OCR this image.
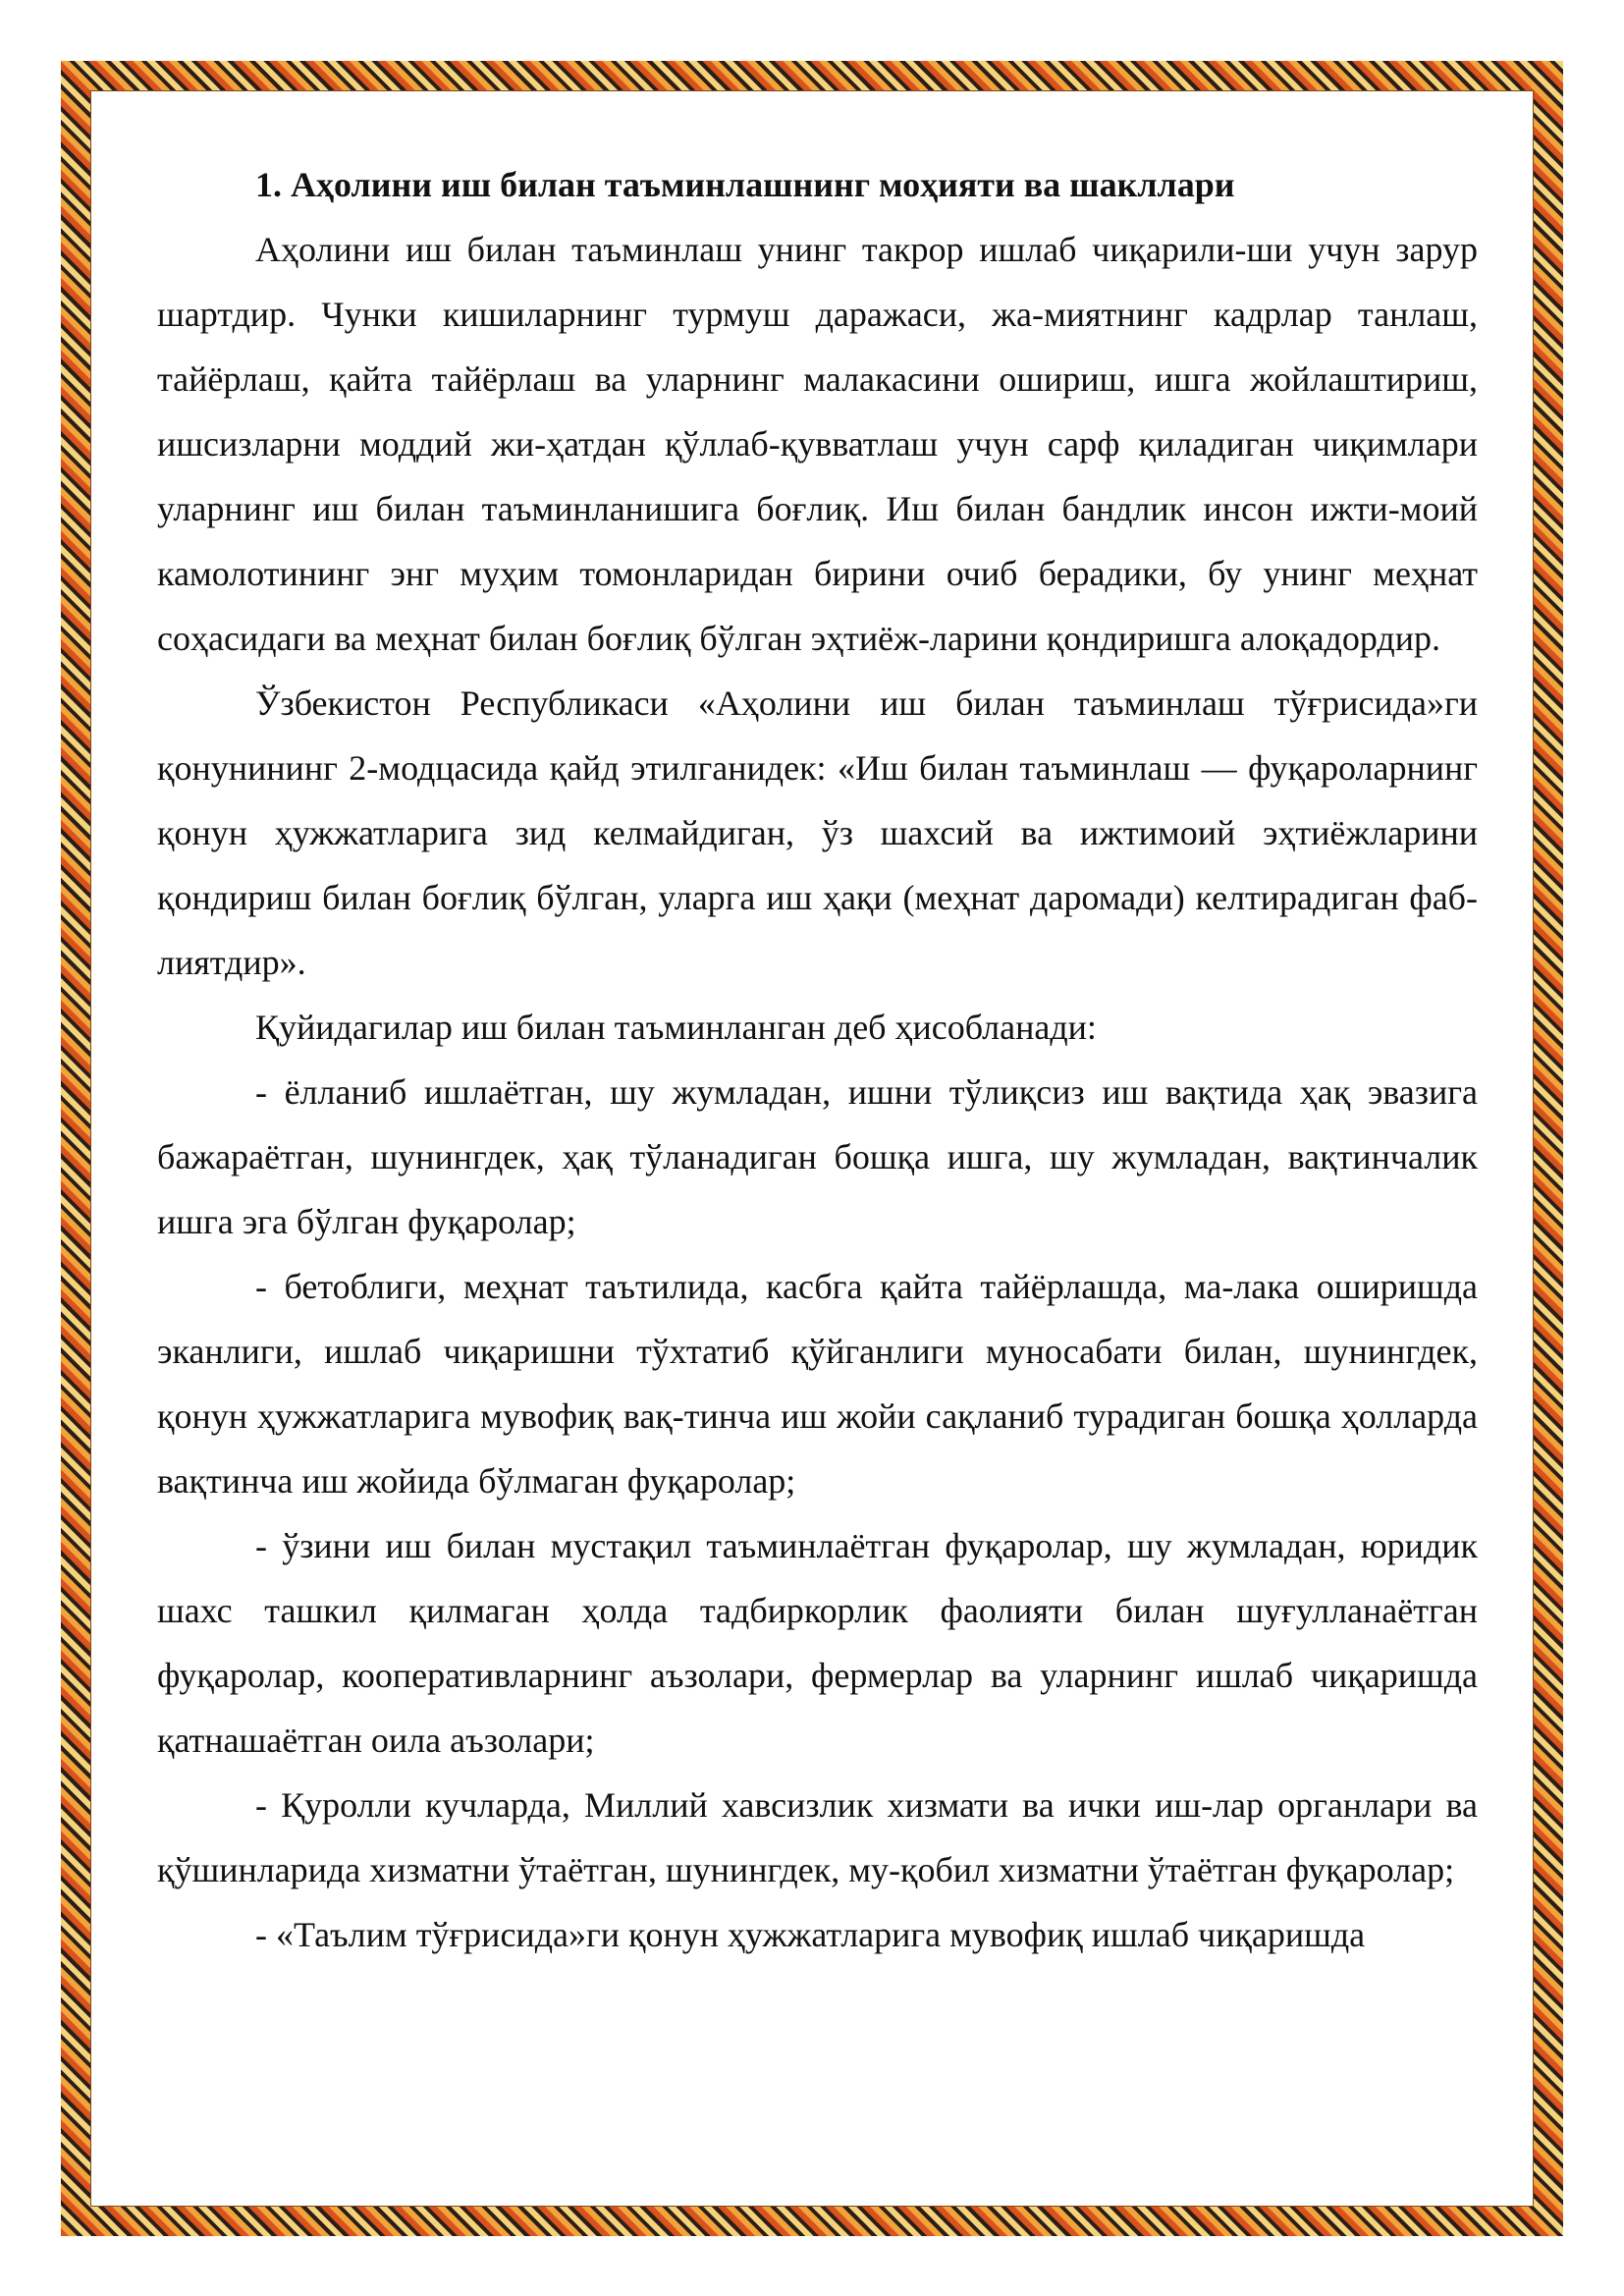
1. Аҳолини иш билан таъминлашнинг моҳияти ва шакллари

Аҳолини иш билан таъминлаш унинг такрор ишлаб чиқарили-ши учун зарур шартдир. Чунки кишиларнинг турмуш даражаси, жа-миятнинг кадрлар танлаш, тайёрлаш, қайта тайёрлаш ва уларнинг малакасини ошириш, ишга жойлаштириш, ишсизларни моддий жи-ҳатдан қўллаб-қувватлаш учун сарф қиладиган чиқимлари уларнинг иш билан таъминланишига боғлиқ. Иш билан бандлик инсон ижти-моий камолотининг энг муҳим томонларидан бирини очиб берадики, бу унинг меҳнат соҳасидаги ва меҳнат билан боғлиқ бўлган эҳтиёж-ларини қондиришга алоқадордир.

Ўзбекистон Республикаси «Аҳолини иш билан таъминлаш тўғрисида»ги қонунининг 2-модцасида қайд этилганидек: «Иш билан таъминлаш — фуқароларнинг қонун ҳужжатларига зид келмайдиган, ўз шахсий ва ижтимоий эҳтиёжларини қондириш билан боғлиқ бўлган, уларга иш ҳақи (меҳнат даромади) келтирадиган фаб-лиятдир».

Қуйидагилар иш билан таъминланган деб ҳисобланади:

- ёлланиб ишлаётган, шу жумладан, ишни тўлиқсиз иш вақтида ҳақ эвазига бажараётган, шунингдек, ҳақ тўланадиган бошқа ишга, шу жумладан, вақтинчалик ишга эга бўлган фуқаролар;

- бетоблиги, меҳнат таътилида, касбга қайта тайёрлашда, ма-лака оширишда эканлиги, ишлаб чиқаришни тўхтатиб қўйганлиги муносабати билан, шунингдек, қонун ҳужжатларига мувофиқ вақ-тинча иш жойи сақланиб турадиган бошқа ҳолларда вақтинча иш жойида бўлмаган фуқаролар;

- ўзини иш билан мустақил таъминлаётган фуқаролар, шу жумладан, юридик шахс ташкил қилмаган ҳолда тадбиркорлик фаолияти билан шуғулланаётган фуқаролар, кооперативларнинг аъзолари, фермерлар ва уларнинг ишлаб чиқаришда қатнашаётган оила аъзолари;

- Қуролли кучларда, Миллий хавсизлик хизмати ва ички иш-лар органлари ва қўшинларида хизматни ўтаётган, шунингдек, му-қобил хизматни ўтаётган фуқаролар;

- «Таълим тўғрисида»ги қонун ҳужжатларига мувофиқ ишлаб чиқаришда
